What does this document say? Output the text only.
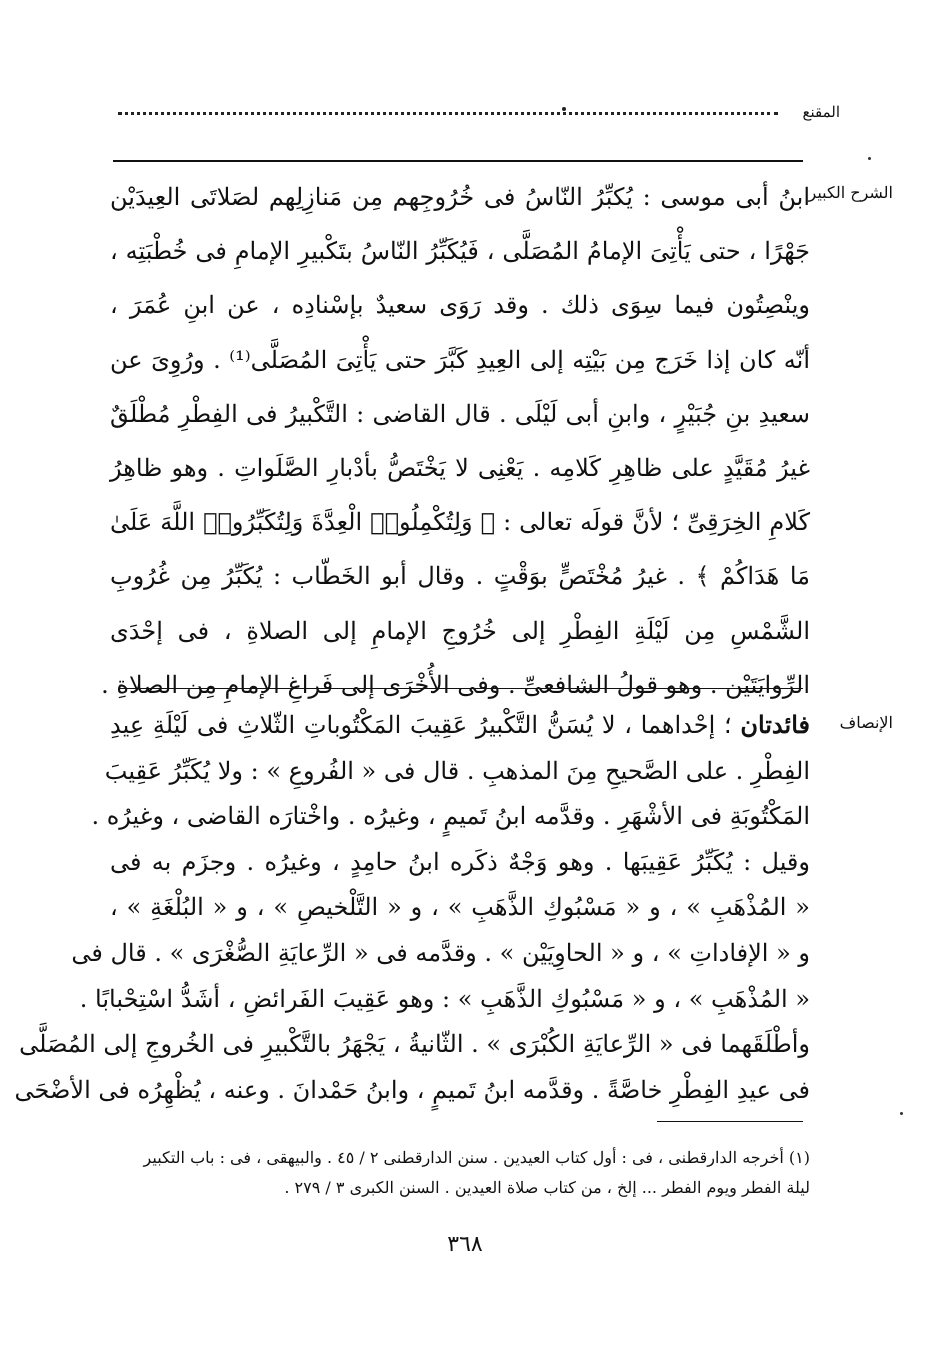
المقنع
الشرح الكبير
ابنُ أبى موسى : يُكبِّرُ النّاسُ فى خُرُوجِهم مِن مَنازِلِهم لصَلاتَى العِيدَيْن
جَهْرًا ، حتى يَأْتِىَ الإمامُ المُصَلَّى ، فَيُكَبِّرُ النّاسُ بتَكْبيرِ الإمامِ فى خُطْبَتِه ،
وينْصِتُون فيما سِوَى ذلك . وقد رَوَى سعيدٌ بإسْنادِه ، عن ابنِ عُمَرَ ،
أنّه كان إذا خَرَج مِن بَيْتِه إلى العِيدِ كَبَّرَ حتى يَأْتِىَ المُصَلَّى⁽¹⁾ . ورُوِىَ عن
سعيدِ بنِ جُبَيْرٍ ، وابنِ أبى لَيْلَى . قال القاضى : التَّكْبيرُ فى الفِطْرِ مُطْلَقٌ
غيرُ مُقَيَّدٍ على ظاهِرِ كَلامِه . يَعْنِى لا يَخْتَصُّ بأدْبارِ الصَّلَواتِ . وهو ظاهِرُ
كَلامِ الخِرَقِىِّ ؛ لأنَّ قولَه تعالى : ﴿ وَلِتُكْمِلُوا۟ الْعِدَّةَ وَلِتُكَبِّرُوا۟ اللَّهَ عَلَىٰ
مَا هَدَاكُمْ ﴾ . غيرُ مُخْتَصٍّ بوَقْتٍ . وقال أبو الخَطّاب : يُكَبِّرُ مِن غُرُوبِ
الشَّمْسِ مِن لَيْلَةِ الفِطْرِ إلى خُرُوجِ الإمامِ إلى الصلاةِ ، فى إحْدَى
الرِّوايَتَيْن . وهو قولُ الشافعىِّ . وفى الأُخْرَى إلى فَراغِ الإمامِ مِن الصلاةِ .
الإنصاف
فائدتان ؛ إحْداهما ، لا يُسَنُّ التَّكْبيرُ عَقِيبَ المَكْتُوباتِ الثّلاثِ فى لَيْلَةِ عِيدِ
الفِطْرِ . على الصَّحيحِ مِنَ المذهبِ . قال فى « الفُروعِ » : ولا يُكَبِّرُ عَقِيبَ
المَكْتُوبَةِ فى الأشْهَرِ . وقدَّمه ابنُ تَميمٍ ، وغيرُه . واخْتارَه القاضى ، وغيرُه .
وقيل : يُكَبِّرُ عَقِيبَها . وهو وَجْهٌ ذكَره ابنُ حامِدٍ ، وغيرُه . وجزَم به فى
« المُذْهَبِ » ، و « مَسْبُوكِ الذَّهَبِ » ، و « التَّلْخيصِ » ، و « البُلْغَةِ » ،
و « الإفاداتِ » ، و « الحاوِيَيْن » . وقدَّمه فى « الرِّعايَةِ الصُّغْرَى » . قال فى
« المُذْهَبِ » ، و « مَسْبُوكِ الذَّهَبِ » : وهو عَقِيبَ الفَرائضِ ، أشَدُّ اسْتِحْبابًا .
وأطْلَقَهما فى « الرِّعايَةِ الكُبْرَى » . الثّانيةُ ، يَجْهَرُ بالتَّكْبيرِ فى الخُروجِ إلى المُصَلَّى
فى عيدِ الفِطْرِ خاصَّةً . وقدَّمه ابنُ تَميمٍ ، وابنُ حَمْدانَ . وعنه ، يُظْهِرُه فى الأضْحَى
(١) أخرجه الدارقطنى ، فى : أول كتاب العيدين . سنن الدارقطنى ٢ / ٤٥ . والبيهقى ، فى : باب التكبير
ليلة الفطر ويوم الفطر ... إلخ ، من كتاب صلاة العيدين . السنن الكبرى ٣ / ٢٧٩ .
٣٦٨
